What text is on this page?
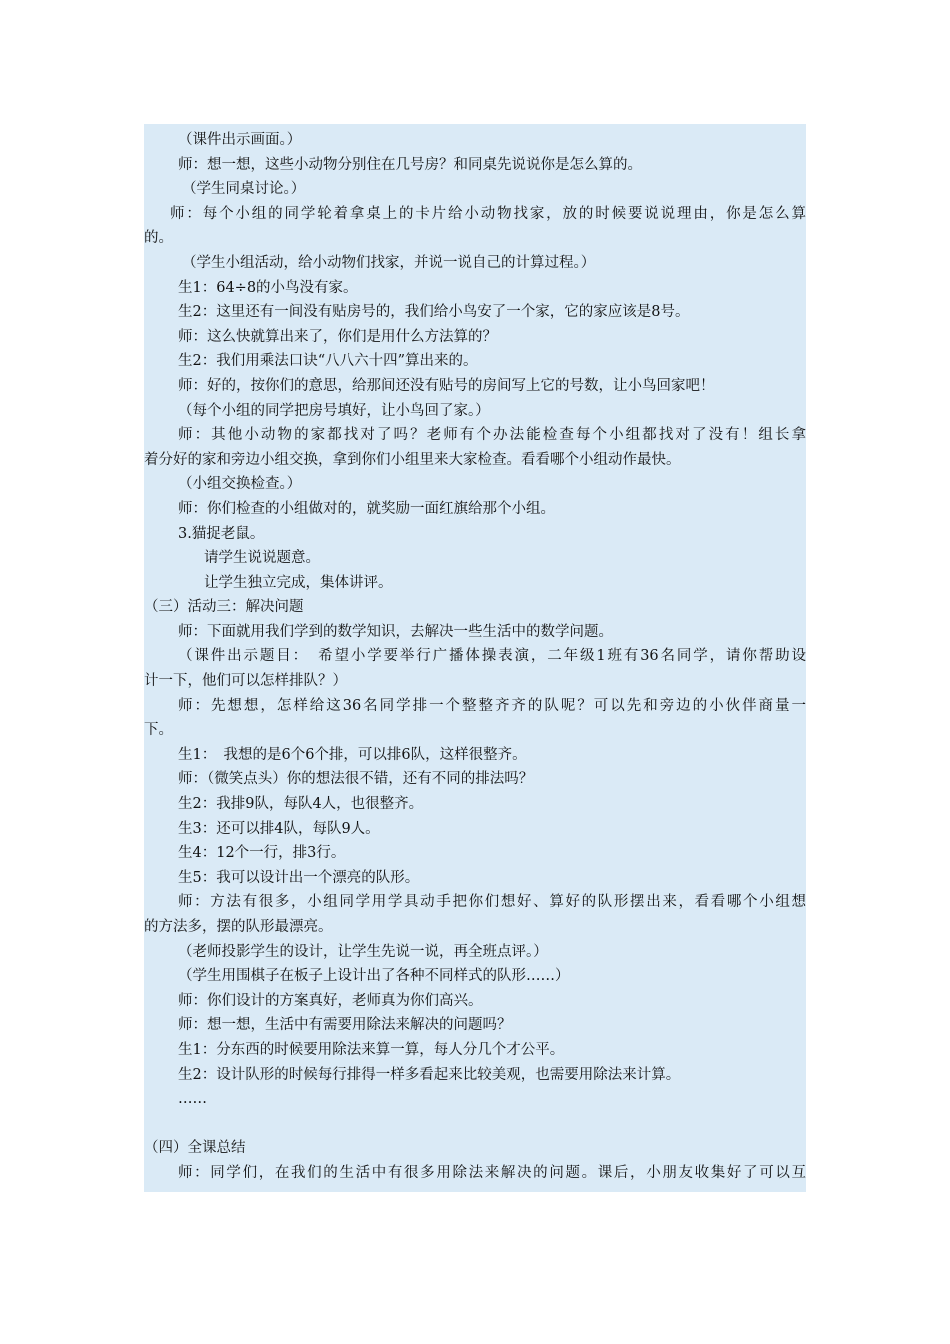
（课件出示画面。）
师：想一想，这些小动物分别住在几号房？和同桌先说说你是怎么算的。
（学生同桌讨论。）
师：每个小组的同学轮着拿桌上的卡片给小动物找家，放的时候要说说理由，你是怎么算
的。
（学生小组活动，给小动物们找家，并说一说自己的计算过程。）
生1：64÷8的小鸟没有家。
生2：这里还有一间没有贴房号的，我们给小鸟安了一个家，它的家应该是8号。
师：这么快就算出来了，你们是用什么方法算的？
生2：我们用乘法口诀“八八六十四”算出来的。
师：好的，按你们的意思，给那间还没有贴号的房间写上它的号数，让小鸟回家吧！
（每个小组的同学把房号填好，让小鸟回了家。）
师：其他小动物的家都找对了吗？老师有个办法能检查每个小组都找对了没有！组长拿
着分好的家和旁边小组交换，拿到你们小组里来大家检查。看看哪个小组动作最快。
（小组交换检查。）
师：你们检查的小组做对的，就奖励一面红旗给那个小组。
3.猫捉老鼠。
请学生说说题意。
让学生独立完成，集体讲评。
（三）活动三：解决问题
师：下面就用我们学到的数学知识，去解决一些生活中的数学问题。
（课件出示题目：　希望小学要举行广播体操表演，二年级1班有36名同学，请你帮助设
计一下，他们可以怎样排队？）
师：先想想，怎样给这36名同学排一个整整齐齐的队呢？可以先和旁边的小伙伴商量一
下。
生1：　我想的是6个6个排，可以排6队，这样很整齐。
师：（微笑点头）你的想法很不错，还有不同的排法吗？
生2：我排9队，每队4人，也很整齐。
生3：还可以排4队，每队9人。
生4：12个一行，排3行。
生5：我可以设计出一个漂亮的队形。
师：方法有很多，小组同学用学具动手把你们想好、算好的队形摆出来，看看哪个小组想
的方法多，摆的队形最漂亮。
（老师投影学生的设计，让学生先说一说，再全班点评。）
（学生用围棋子在板子上设计出了各种不同样式的队形……）
师：你们设计的方案真好，老师真为你们高兴。
师：想一想，生活中有需要用除法来解决的问题吗？
生1：分东西的时候要用除法来算一算，每人分几个才公平。
生2：设计队形的时候每行排得一样多看起来比较美观，也需要用除法来计算。
……
（四）全课总结
师：同学们，在我们的生活中有很多用除法来解决的问题。课后，小朋友收集好了可以互
